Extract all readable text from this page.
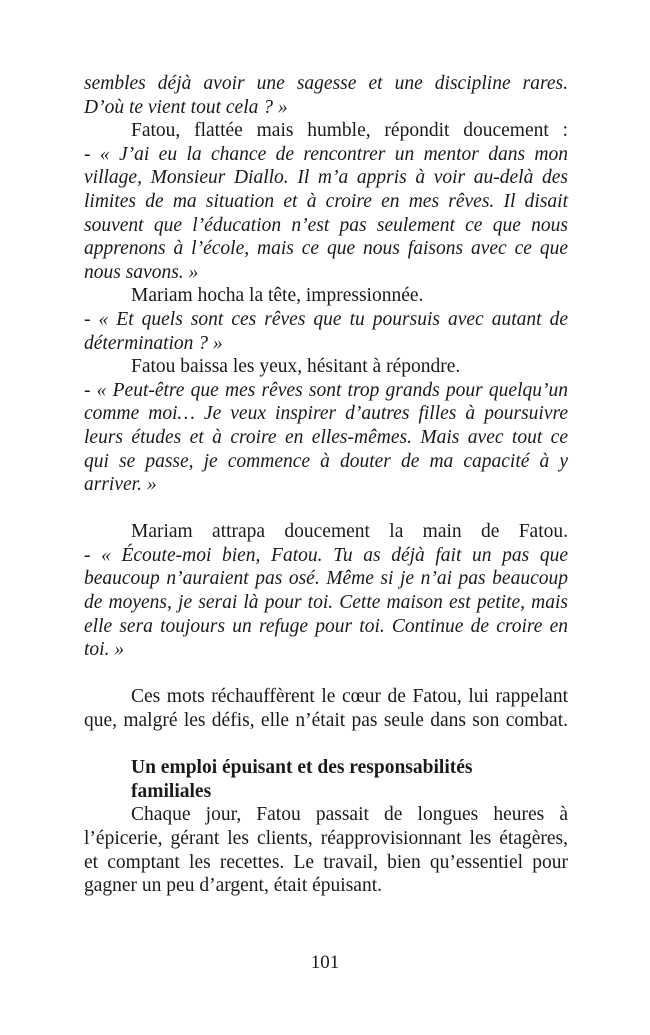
sembles déjà avoir une sagesse et une discipline rares.
D’où te vient tout cela ? »
Fatou, flattée mais humble, répondit doucement :
- « J’ai eu la chance de rencontrer un mentor dans mon
village, Monsieur Diallo. Il m’a appris à voir au-delà des
limites de ma situation et à croire en mes rêves. Il disait
souvent que l’éducation n’est pas seulement ce que nous
apprenons à l’école, mais ce que nous faisons avec ce que
nous savons. »
Mariam hocha la tête, impressionnée.
- « Et quels sont ces rêves que tu poursuis avec autant de
détermination ? »
Fatou baissa les yeux, hésitant à répondre.
- « Peut-être que mes rêves sont trop grands pour quelqu’un
comme moi… Je veux inspirer d’autres filles à poursuivre
leurs études et à croire en elles-mêmes. Mais avec tout ce
qui se passe, je commence à douter de ma capacité à y
arriver. »
Mariam attrapa doucement la main de Fatou.
- « Écoute-moi bien, Fatou. Tu as déjà fait un pas que
beaucoup n’auraient pas osé. Même si je n’ai pas beaucoup
de moyens, je serai là pour toi. Cette maison est petite, mais
elle sera toujours un refuge pour toi. Continue de croire en
toi. »
Ces mots réchauffèrent le cœur de Fatou, lui rappelant
que, malgré les défis, elle n’était pas seule dans son combat.
Un emploi épuisant et des responsabilités
familiales
Chaque jour, Fatou passait de longues heures à
l’épicerie, gérant les clients, réapprovisionnant les étagères,
et comptant les recettes. Le travail, bien qu’essentiel pour
gagner un peu d’argent, était épuisant.
101
